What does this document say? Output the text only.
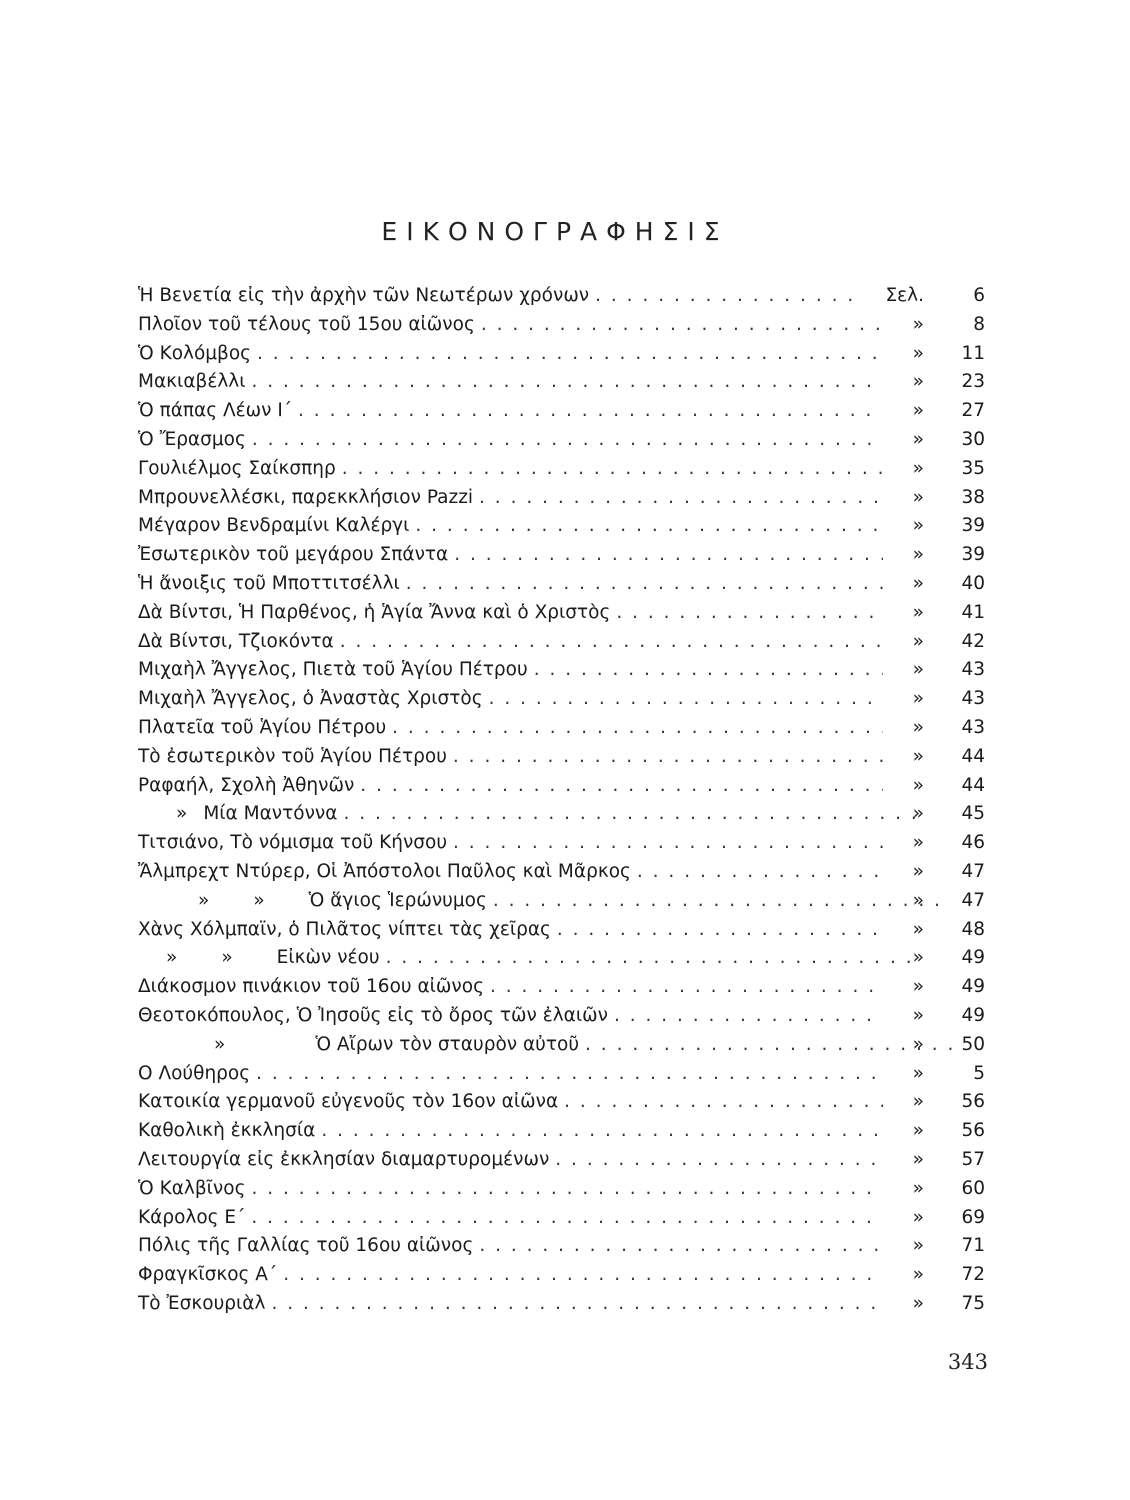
ΕΙΚΟΝΟΓΡΑΦΗΣΙΣ
Ἡ Βενετία εἰς τὴν ἀρχὴν τῶν Νεωτέρων χρόνων . . .	Σελ.	6
Πλοῖον τοῦ τέλους τοῦ 15ου αἰῶνος . . .	»	8
Ὁ Κολόμβος . . .	»	11
Μακιαβέλλι . . .	»	23
Ὁ πάπας Λέων Ι΄ . . .	»	27
Ὁ Ἔρασμος . . .	»	30
Γουλιέλμος Σαίκσπηρ . . .	»	35
Μπρουνελλέσκι, παρεκκλήσιον Pazzi . . .	»	38
Μέγαρον Βενδραμίνι Καλέργι . . .	»	39
Ἐσωτερικὸν τοῦ μεγάρου Σπάντα . . .	»	39
Ἡ ἄνοιξις τοῦ Μποττιτσέλλι . . .	»	40
Δὰ Βίντσι, Ἡ Παρθένος, ἡ Ἁγία Ἄννα καὶ ὁ Χριστὸς . . .	»	41
Δὰ Βίντσι, Τζιοκόντα . . .	»	42
Μιχαὴλ Ἄγγελος, Πιετὰ τοῦ Ἁγίου Πέτρου . . .	»	43
Μιχαὴλ Ἄγγελος, ὁ Ἀναστὰς Χριστὸς . . .	»	43
Πλατεῖα τοῦ Ἁγίου Πέτρου . . .	»	43
Τὸ ἐσωτερικὸν τοῦ Ἁγίου Πέτρου . . .	»	44
Ραφαήλ, Σχολὴ Ἀθηνῶν . . .	»	44
» Μία Μαντόννα . . .	»	45
Τιτσιάνο, Τὸ νόμισμα τοῦ Κήνσου . . .	»	46
Ἄλμπρεχτ Ντύρερ, Οἱ Ἀπόστολοι Παῦλος καὶ Μᾶρκος . . .	»	47
» » Ὁ ἅγιος Ἱερώνυμος . . .	»	47
Χὰνς Χόλμπαϊν, ὁ Πιλᾶτος νίπτει τὰς χεῖρας . . .	»	48
» » Εἰκὼν νέου . . .	»	49
Διάκοσμον πινάκιον τοῦ 16ου αἰῶνος . . .	»	49
Θεοτοκόπουλος, Ὁ Ἰησοῦς εἰς τὸ ὄρος τῶν ἐλαιῶν . . .	»	49
»	Ὁ Αἴρων τὸν σταυρὸν αὐτοῦ . . .	»	50
Ο Λούθηρος . . .	»	5
Κατοικία γερμανοῦ εὐγενοῦς τὸν 16ον αἰῶνα . . .	»	56
Καθολικὴ ἐκκλησία . . .	»	56
Λειτουργία εἰς ἐκκλησίαν διαμαρτυρομένων . . .	»	57
Ὁ Καλβῖνος . . .	»	60
Κάρολος Ε΄ . . .	»	69
Πόλις τῆς Γαλλίας τοῦ 16ου αἰῶνος . . .	»	71
Φραγκῖσκος Α΄ . . .	»	72
Τὸ Ἐσκουριὰλ . . .	»	75
343
